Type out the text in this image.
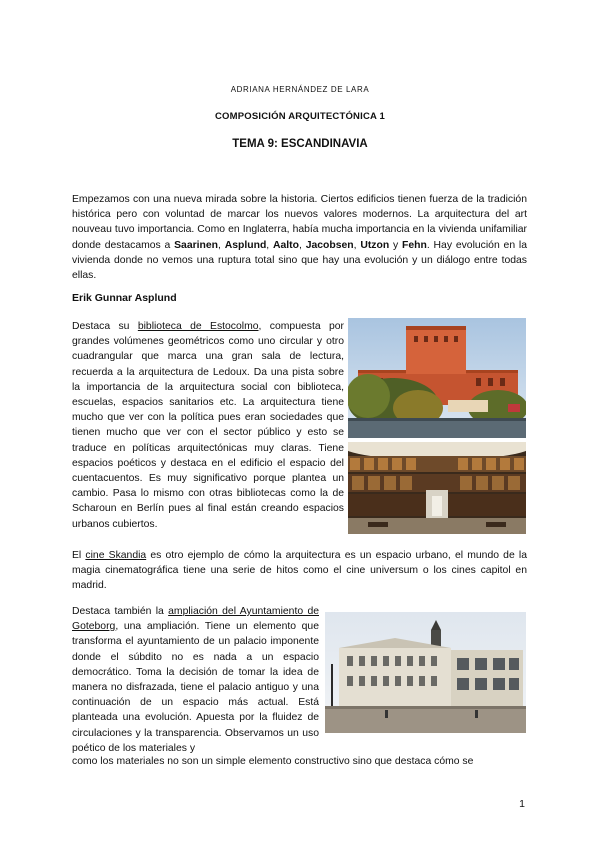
ADRIANA HERNÁNDEZ DE LARA
COMPOSICIÓN ARQUITECTÓNICA 1
TEMA 9: ESCANDINAVIA
Empezamos con una nueva mirada sobre la historia. Ciertos edificios tienen fuerza de la tradición histórica pero con voluntad de marcar los nuevos valores modernos. La arquitectura del art nouveau tuvo importancia. Como en Inglaterra, había mucha importancia en la vivienda unifamiliar donde destacamos a Saarinen, Asplund, Aalto, Jacobsen, Utzon y Fehn. Hay evolución en la vivienda donde no vemos una ruptura total sino que hay una evolución y un diálogo entre todas ellas.
Erik Gunnar Asplund
Destaca su biblioteca de Estocolmo, compuesta por grandes volúmenes geométricos como uno circular y otro cuadrangular que marca una gran sala de lectura, recuerda a la arquitectura de Ledoux. Da una pista sobre la importancia de la arquitectura social con biblioteca, escuelas, espacios sanitarios etc. La arquitectura tiene mucho que ver con la política pues eran sociedades que tienen mucho que ver con el sector público y esto se traduce en políticas arquitectónicas muy claras. Tiene espacios poéticos y destaca en el edificio el espacio del cuentacuentos. Es muy significativo porque plantea un cambio. Pasa lo mismo con otras bibliotecas como la de Scharoun en Berlín pues al final están creando espacios urbanos cubiertos.
El cine Skandia es otro ejemplo de cómo la arquitectura es un espacio urbano, el mundo de la magia cinematográfica tiene una serie de hitos como el cine universum o los cines capitol en madrid.
Destaca también la ampliación del Ayuntamiento de Goteborg, una ampliación. Tiene un elemento que transforma el ayuntamiento de un palacio imponente donde el súbdito no es nada a un espacio democrático. Toma la decisión de tomar la idea de manera no disfrazada, tiene el palacio antiguo y una continuación de un espacio más actual. Está planteada una evolución. Apuesta por la fluidez de circulaciones y la transparencia. Observamos un uso poético de los materiales y
como los materiales no son un simple elemento constructivo sino que destaca cómo se
1
